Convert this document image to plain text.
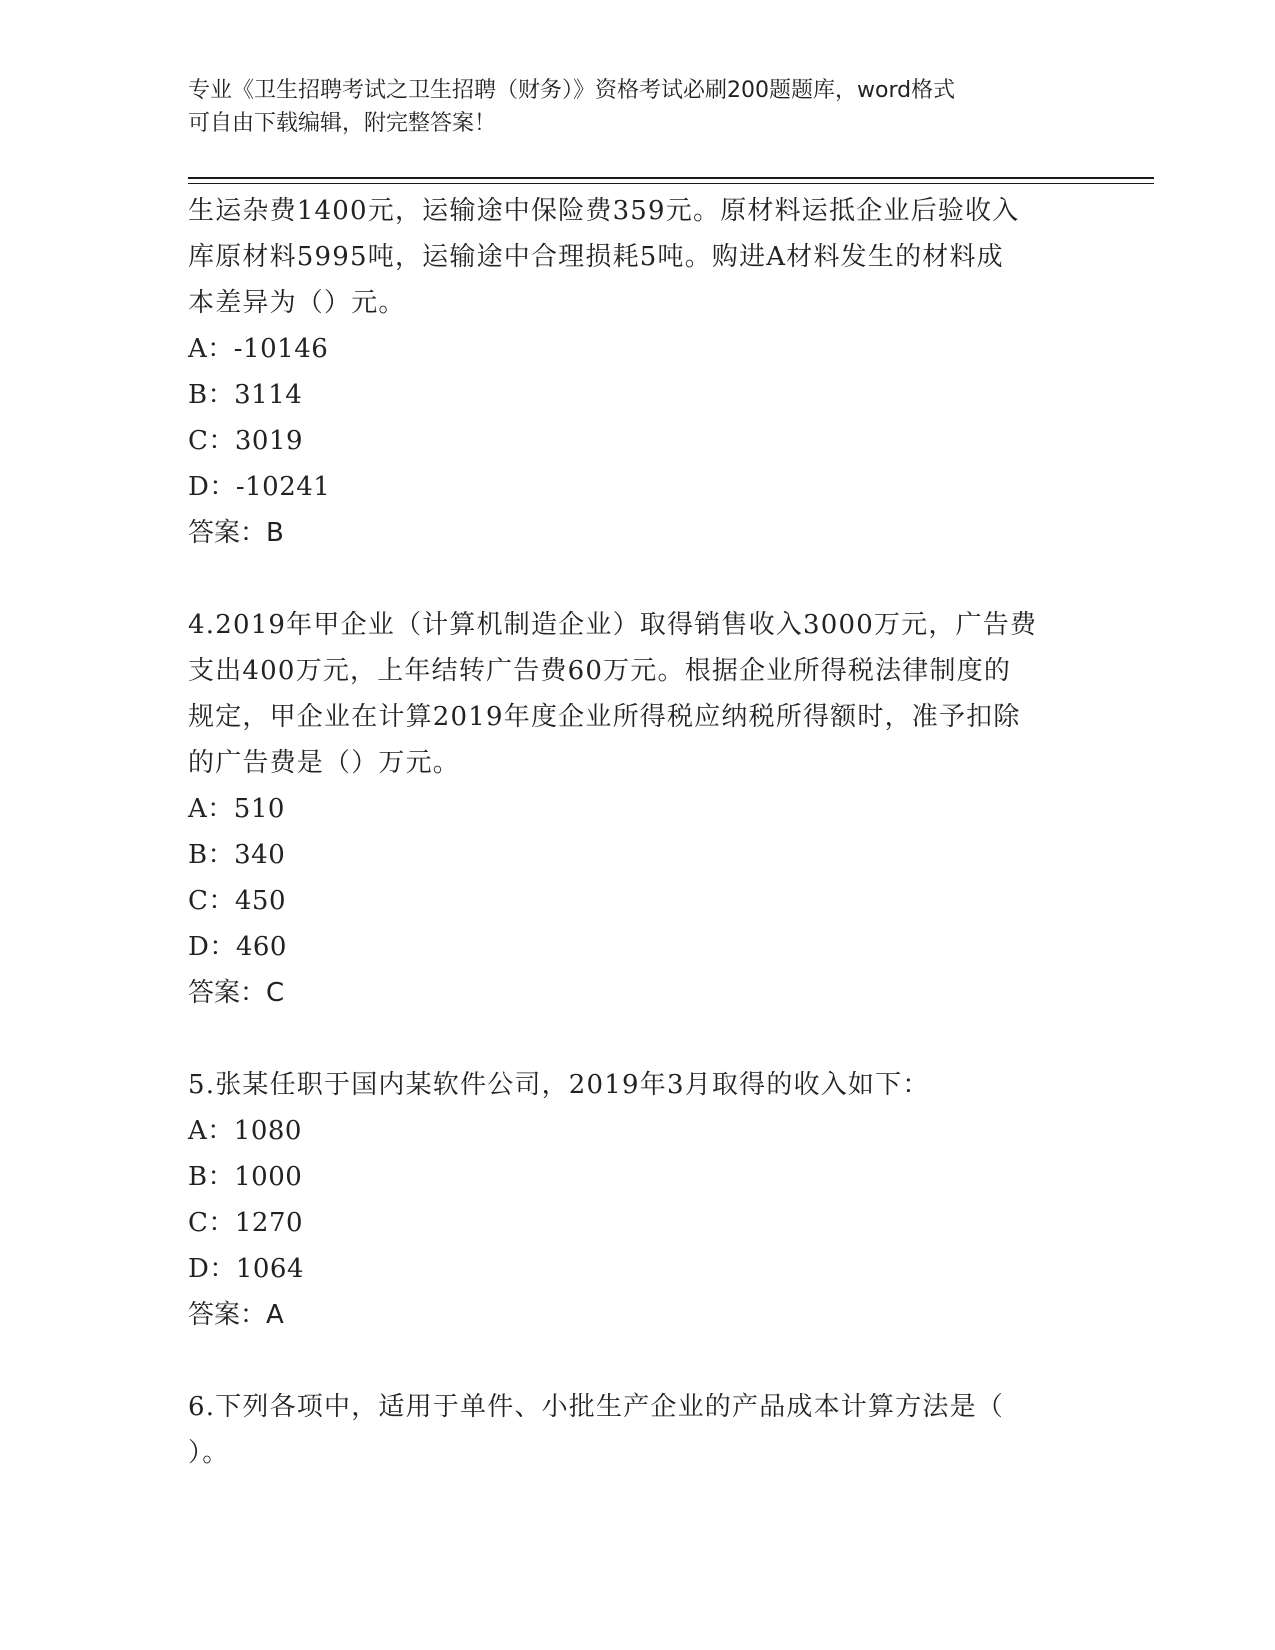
专业《卫生招聘考试之卫生招聘（财务）》资格考试必刷200题题库，word格式
可自由下载编辑，附完整答案！
生运杂费1400元，运输途中保险费359元。原材料运抵企业后验收入
库原材料5995吨，运输途中合理损耗5吨。购进A材料发生的材料成
本差异为（）元。
A：-10146
B：3114
C：3019
D：-10241
答案：B
4.2019年甲企业（计算机制造企业）取得销售收入3000万元，广告费
支出400万元，上年结转广告费60万元。根据企业所得税法律制度的
规定，甲企业在计算2019年度企业所得税应纳税所得额时，准予扣除
的广告费是（）万元。
A：510
B：340
C：450
D：460
答案：C
5.张某任职于国内某软件公司，2019年3月取得的收入如下：
A：1080
B：1000
C：1270
D：1064
答案：A
6.下列各项中，适用于单件、小批生产企业的产品成本计算方法是（
）。
